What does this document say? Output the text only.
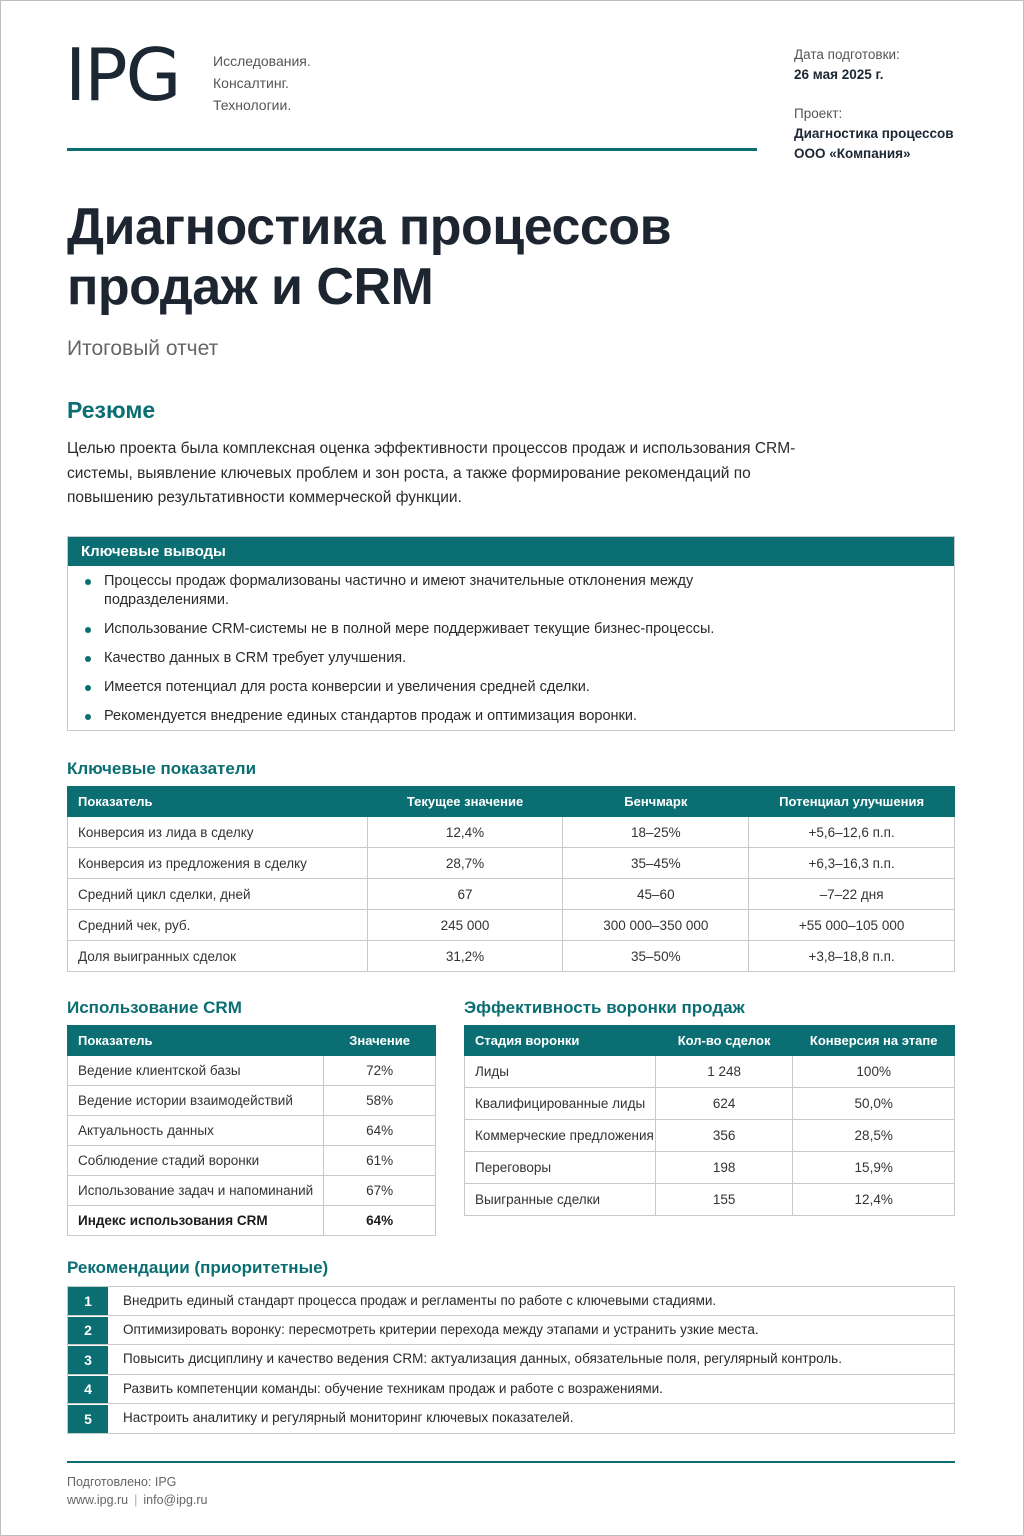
IPG Исследования.
Консалтинг.
Технологии.
Дата подготовки:
26 мая 2025 г.
Проект:
Диагностика процессов
ООО «Компания»
Диагностика процессов
продаж и CRM
Итоговый отчет
Резюме
Целью проекта была комплексная оценка эффективности процессов продаж и использования CRM-системы, выявление ключевых проблем и зон роста, а также формирование рекомендаций по повышению результативности коммерческой функции.
Ключевые выводы
Процессы продаж формализованы частично и имеют значительные отклонения между подразделениями.
Использование CRM-системы не в полной мере поддерживает текущие бизнес-процессы.
Качество данных в CRM требует улучшения.
Имеется потенциал для роста конверсии и увеличения средней сделки.
Рекомендуется внедрение единых стандартов продаж и оптимизация воронки.
Ключевые показатели
Показатель	Текущее значение	Бенчмарк	Потенциал улучшения
Конверсия из лида в сделку	12,4%	18–25%	+5,6–12,6 п.п.
Конверсия из предложения в сделку	28,7%	35–45%	+6,3–16,3 п.п.
Средний цикл сделки, дней	67	45–60	–7–22 дня
Средний чек, руб.	245 000	300 000–350 000	+55 000–105 000
Доля выигранных сделок	31,2%	35–50%	+3,8–18,8 п.п.
Использование CRM
Показатель	Значение
Ведение клиентской базы	72%
Ведение истории взаимодействий	58%
Актуальность данных	64%
Соблюдение стадий воронки	61%
Использование задач и напоминаний	67%
Индекс использования CRM	64%
Эффективность воронки продаж
Стадия воронки	Кол-во сделок	Конверсия на этапе
Лиды	1 248	100%
Квалифицированные лиды	624	50,0%
Коммерческие предложения	356	28,5%
Переговоры	198	15,9%
Выигранные сделки	155	12,4%
Рекомендации (приоритетные)
1	Внедрить единый стандарт процесса продаж и регламенты по работе с ключевыми стадиями.
2	Оптимизировать воронку: пересмотреть критерии перехода между этапами и устранить узкие места.
3	Повысить дисциплину и качество ведения CRM: актуализация данных, обязательные поля, регулярный контроль.
4	Развить компетенции команды: обучение техникам продаж и работе с возражениями.
5	Настроить аналитику и регулярный мониторинг ключевых показателей.
Подготовлено: IPG
www.ipg.ru | info@ipg.ru
